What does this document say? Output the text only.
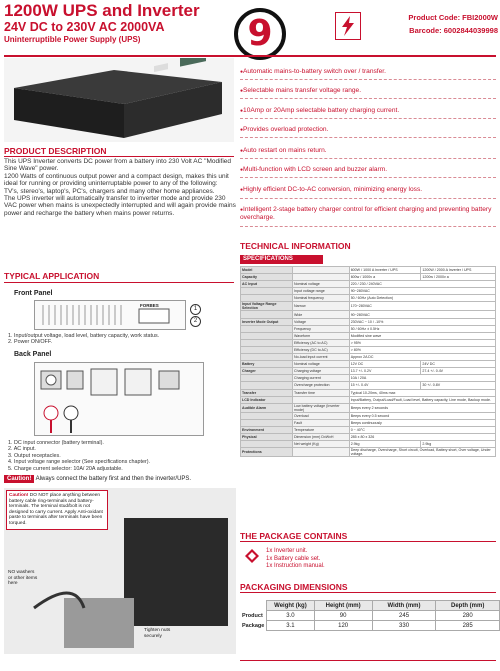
1200W UPS and Inverter
24V DC to 230V AC 2000VA
Uninterruptible Power Supply (UPS)	9	Product Code: FBI2000W
Barcode: 6002844039998
● Automatic mains-to-battery switch over / transfer.
● Selectable mains transfer voltage range.
● 10Amp or 20Amp selectable battery charging current.
● Provides overload protection.
● Auto restart on mains return.
● Multi-function with LCD screen and buzzer alarm.
● Highly efficient DC-to-AC conversion, minimizing energy loss.
● Intelligent 2-stage battery charger control for efficient charging and preventing battery overcharge.
PRODUCT DESCRIPTION
This UPS Inverter converts DC power from a battery into 230 Volt AC "Modified Sine Wave" power.
1200 Watts of continuous output power and a compact design, makes this unit ideal for running or providing uninterruptable power to any of the following:
TV's, stereo's, laptop's, PC's, chargers and many other home appliances.
The UPS inverter will automatically transfer to inverter mode and provide 230 VAC power when mains is unexpectedly interrupted and will again provide mains power and recharge the battery when mains power returns.
TYPICAL APPLICATION
Front Panel
FORBES
1
2
1. Input/output voltage, load level, battery capacity, work status.
2. Power ON/OFF.
Back Panel
1. DC input connector (battery terminal).
2. AC input.
3. Output receptacles.
4. Input voltage range selector (See specifications chapter).
5. Charge current selector: 10A/ 20A adjustable.
Caution! Always connect the battery first and then the inverter/UPS.
Caution! DO NOT place anything between battery cable ring-terminals and battery-terminals. The terminal stud/bolt is not designed to carry current. Apply Anti-oxidant paste to terminals after terminals have been torqued.
NO washers or other items here
Tighten nuts securely
TECHNICAL INFORMATION
SPECIFICATIONS
Model		600W / 1000 A Inverter / UPS	1200W / 2000 A Inverter / UPS
Capacity		600w / 1000v a	1200w / 2000v a
AC Input	Nominal voltage	220 / 230 / 240VAC	
	Input voltage range	90~280VAC	
	Nominal frequency	50 / 60Hz (Auto Detection)	
Input Voltage Range Selection	Narrow	170~280VAC	
	Wide	90~280VAC	
Inverter Mode Output	Voltage	230VAC ~ 10 / -10%	
	Frequency	50 / 60Hz ± 0.5Hz	
	Waveform	Modified sine wave	
	Efficiency (AC to AC)	> 95%	
	Efficiency (DC to AC)	> 80%	
	No-load input current	Approx 2A DC	
Battery	Nominal voltage	12V DC	24V DC
Charger	Charging voltage	13.7 +/- 0.2V	27.4 +/- 0.4V
	Charging current	10A / 20A	
	Overcharge protection	15 +/- 0.4V	30 +/- 0.8V
Transfer	Transfer time	Typical 10-20ms, 40ms max	
LCD Indicator		Input/Battery, Output/Load/Fault, Load level, Battery capacity, Line mode, Backup mode.	
Audible Alarm	Low battery voltage (Inverter mode)	Beeps every 2 seconds	
	Overload	Beeps every 0.5 second	
	Fault	Beeps continuously	
Environment	Temperature	0 ~ 40°C	
Physical	Dimension (mm) DxWxH	285 x 80 x 326	
	Net weight (Kg)	2.9kg	2.9kg
Protections		Deep discharge, Overcharge, Short circuit, Overload, Battery short, Over voltage, Under voltage.	
THE PACKAGE CONTAINS
1x Inverter unit.
1x Battery cable set.
1x Instruction manual.
PACKAGING DIMENSIONS
	Weight (kg)	Height (mm)	Width (mm)	Depth (mm)
Product	3.0	90	245	280
Package	3.1	120	330	285
